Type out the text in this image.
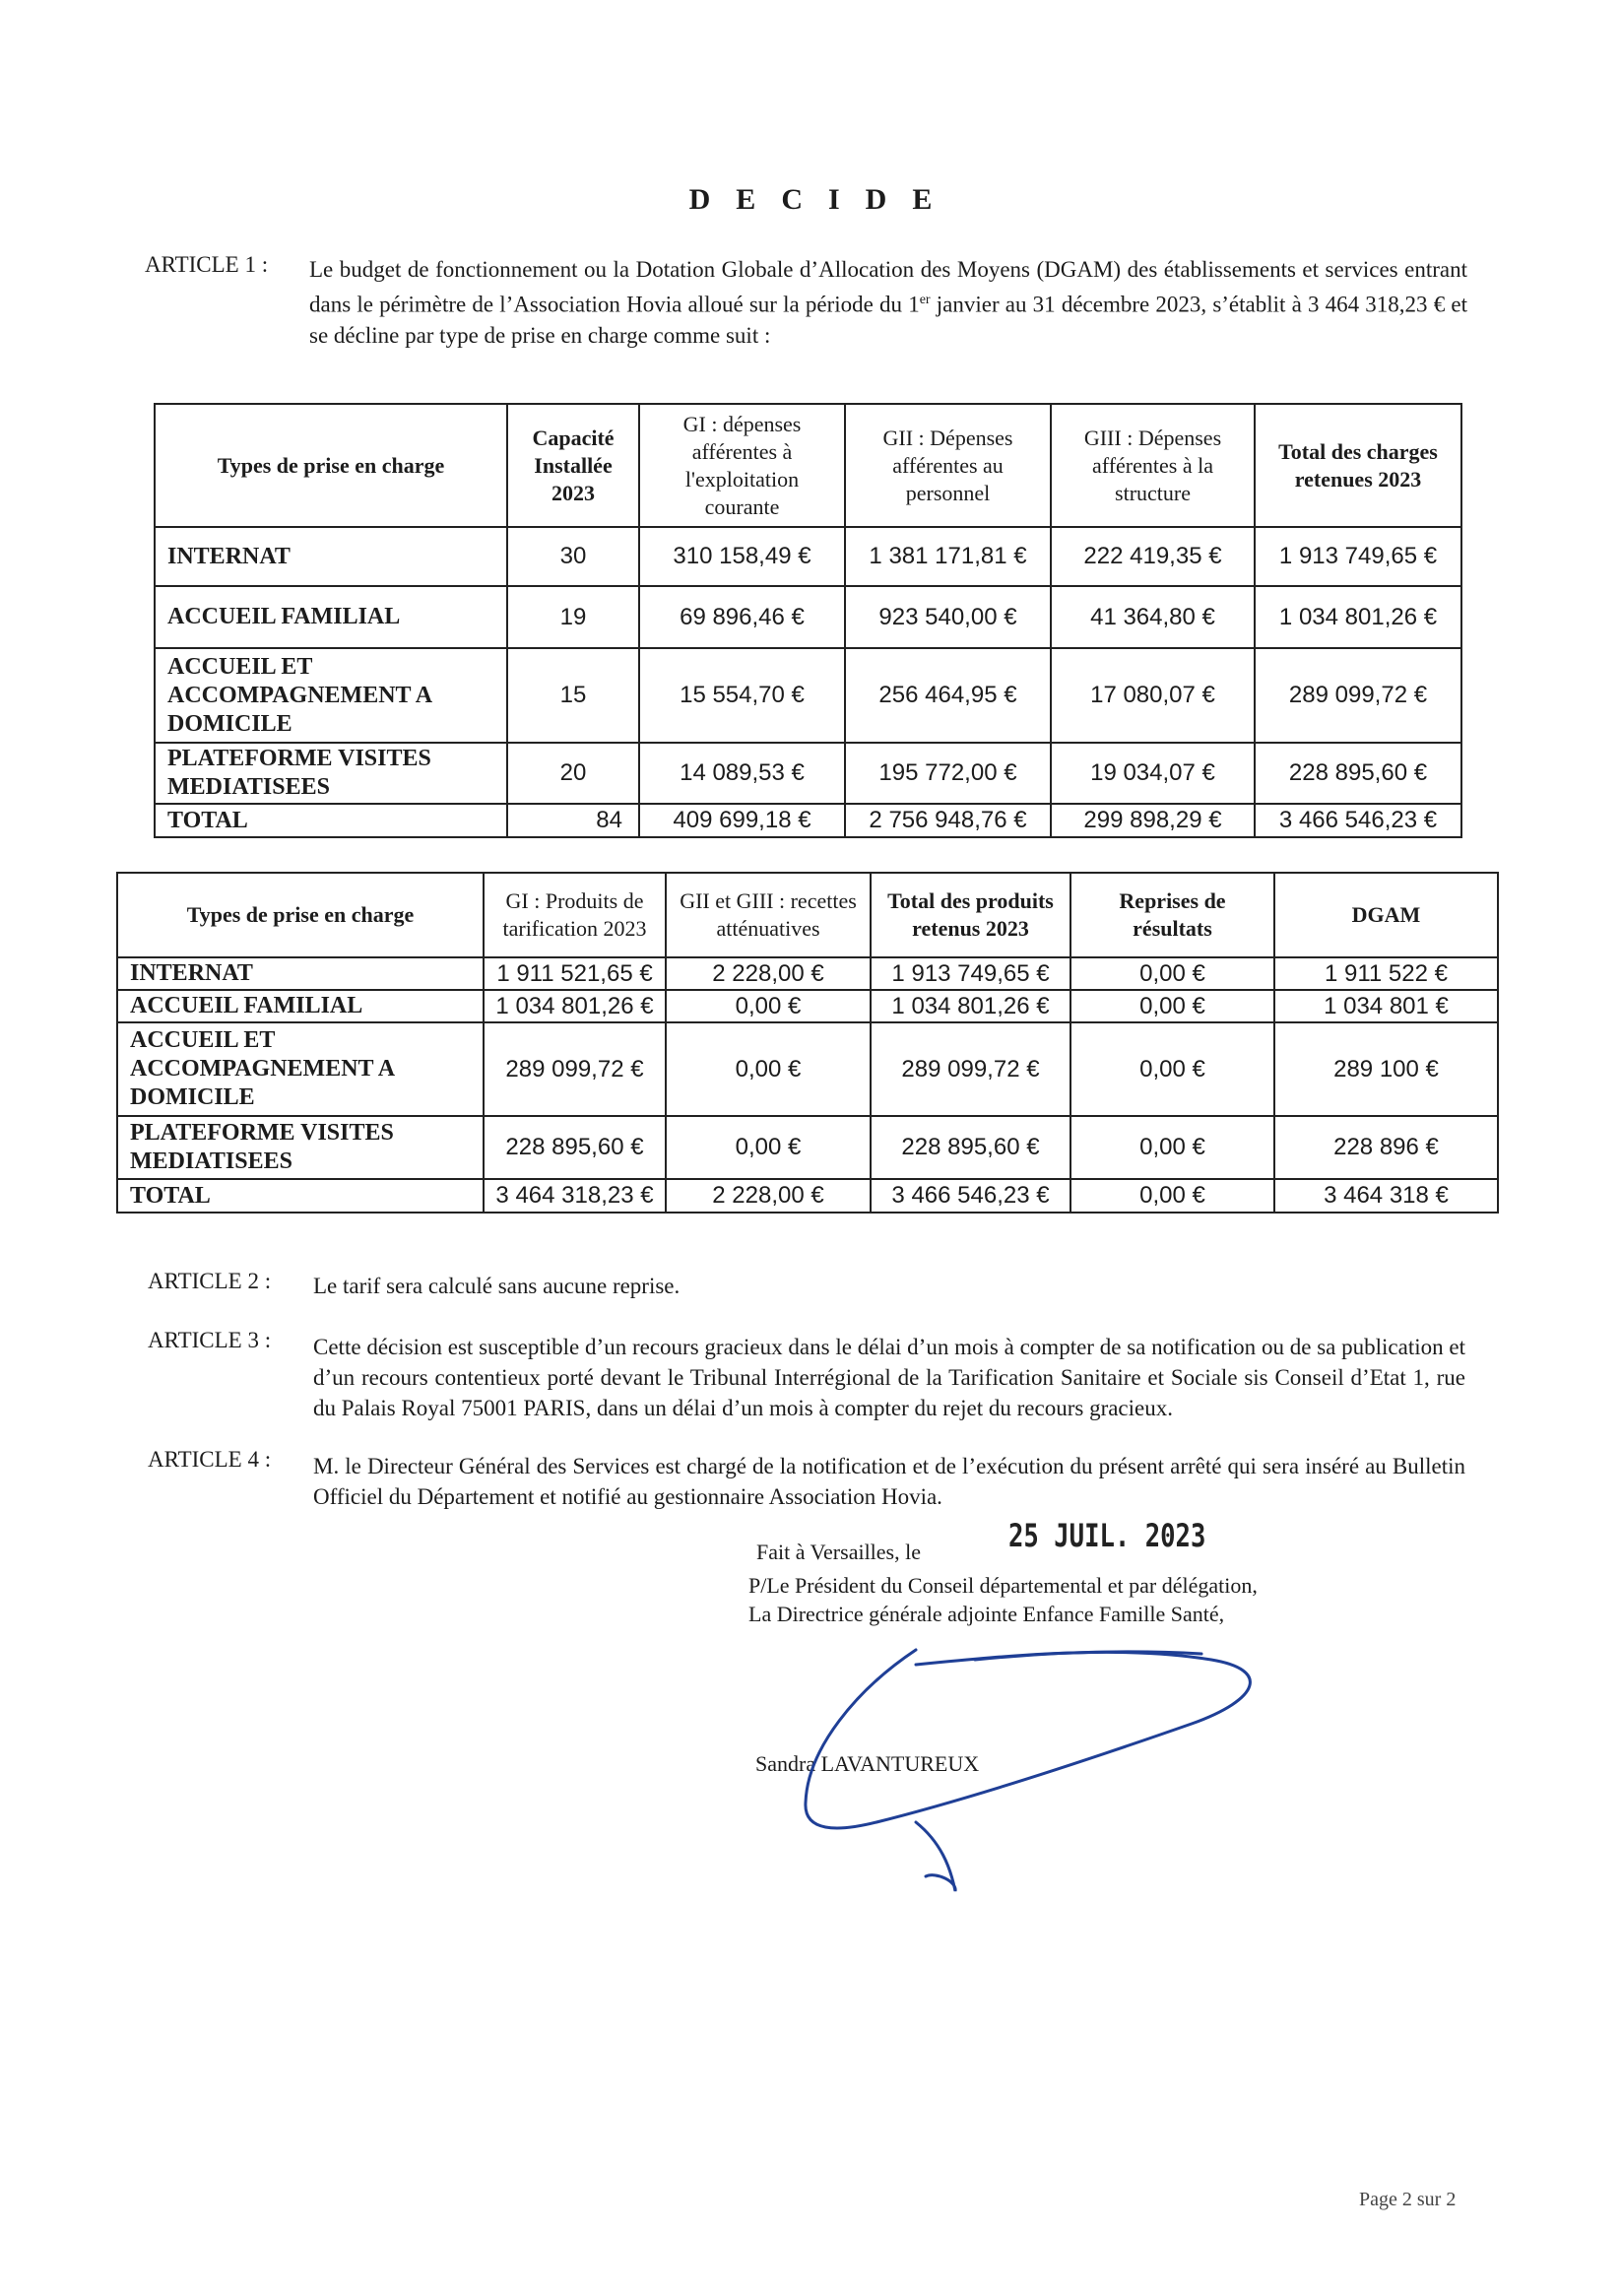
DECIDE
ARTICLE 1 : Le budget de fonctionnement ou la Dotation Globale d’Allocation des Moyens (DGAM) des établissements et services entrant dans le périmètre de l’Association Hovia alloué sur la période du 1er janvier au 31 décembre 2023, s’établit à 3 464 318,23 € et se décline par type de prise en charge comme suit :
Types de prise en charge	Capacité Installée 2023	GI : dépenses afférentes à l'exploitation courante	GII : Dépenses afférentes au personnel	GIII : Dépenses afférentes à la structure	Total des charges retenues 2023
INTERNAT	30	310 158,49 €	1 381 171,81 €	222 419,35 €	1 913 749,65 €
ACCUEIL FAMILIAL	19	69 896,46 €	923 540,00 €	41 364,80 €	1 034 801,26 €
ACCUEIL ET ACCOMPAGNEMENT A DOMICILE	15	15 554,70 €	256 464,95 €	17 080,07 €	289 099,72 €
PLATEFORME VISITES MEDIATISEES	20	14 089,53 €	195 772,00 €	19 034,07 €	228 895,60 €
TOTAL	84	409 699,18 €	2 756 948,76 €	299 898,29 €	3 466 546,23 €
Types de prise en charge	GI : Produits de tarification 2023	GII et GIII : recettes atténuatives	Total des produits retenus 2023	Reprises de résultats	DGAM
INTERNAT	1 911 521,65 €	2 228,00 €	1 913 749,65 €	0,00 €	1 911 522 €
ACCUEIL FAMILIAL	1 034 801,26 €	0,00 €	1 034 801,26 €	0,00 €	1 034 801 €
ACCUEIL ET ACCOMPAGNEMENT A DOMICILE	289 099,72 €	0,00 €	289 099,72 €	0,00 €	289 100 €
PLATEFORME VISITES MEDIATISEES	228 895,60 €	0,00 €	228 895,60 €	0,00 €	228 896 €
TOTAL	3 464 318,23 €	2 228,00 €	3 466 546,23 €	0,00 €	3 464 318 €
ARTICLE 2 : Le tarif sera calculé sans aucune reprise.
ARTICLE 3 : Cette décision est susceptible d’un recours gracieux dans le délai d’un mois à compter de sa notification ou de sa publication et d’un recours contentieux porté devant le Tribunal Interrégional de la Tarification Sanitaire et Sociale sis Conseil d’Etat 1, rue du Palais Royal 75001 PARIS, dans un délai d’un mois à compter du rejet du recours gracieux.
ARTICLE 4 : M. le Directeur Général des Services est chargé de la notification et de l’exécution du présent arrêté qui sera inséré au Bulletin Officiel du Département et notifié au gestionnaire Association Hovia.
Fait à Versailles, le	25 JUIL. 2023
P/Le Président du Conseil départemental et par délégation,
La Directrice générale adjointe Enfance Famille Santé,
Sandra LAVANTUREUX
Page 2 sur 2
